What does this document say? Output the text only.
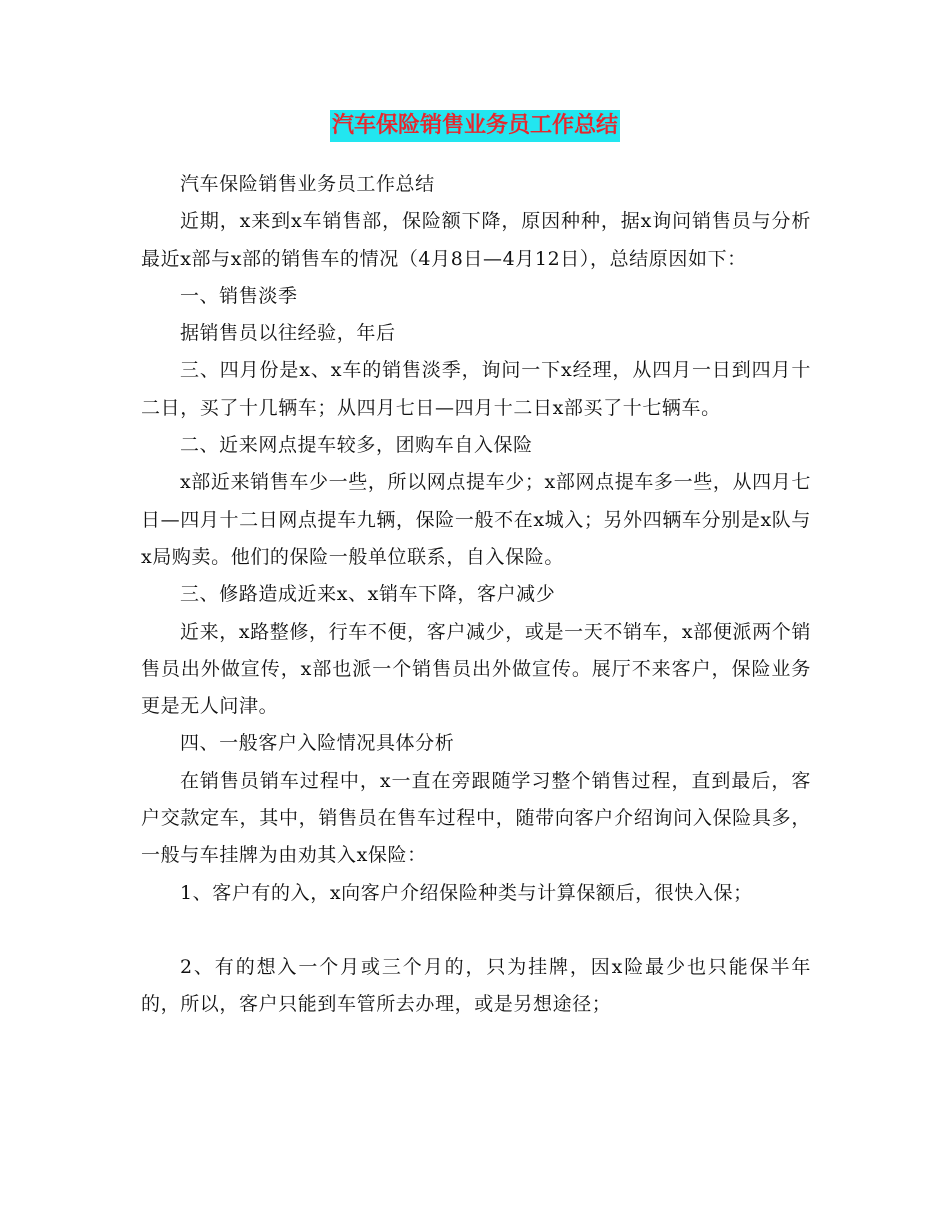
汽车保险销售业务员工作总结

汽车保险销售业务员工作总结

近期，x来到x车销售部，保险额下降，原因种种，据x询问销售员与分析最近x部与x部的销售车的情况（4月8日—4月12日），总结原因如下：

一、销售淡季

据销售员以往经验，年后

三、四月份是x、x车的销售淡季，询问一下x经理，从四月一日到四月十二日，买了十几辆车；从四月七日—四月十二日x部买了十七辆车。

二、近来网点提车较多，团购车自入保险

x部近来销售车少一些，所以网点提车少；x部网点提车多一些，从四月七日—四月十二日网点提车九辆，保险一般不在x城入；另外四辆车分别是x队与x局购卖。他们的保险一般单位联系，自入保险。

三、修路造成近来x、x销车下降，客户减少

近来，x路整修，行车不便，客户减少，或是一天不销车，x部便派两个销售员出外做宣传，x部也派一个销售员出外做宣传。展厅不来客户，保险业务更是无人问津。

四、一般客户入险情况具体分析

在销售员销车过程中，x一直在旁跟随学习整个销售过程，直到最后，客户交款定车，其中，销售员在售车过程中，随带向客户介绍询问入保险具多，一般与车挂牌为由劝其入x保险：

1、客户有的入，x向客户介绍保险种类与计算保额后，很快入保；

2、有的想入一个月或三个月的，只为挂牌，因x险最少也只能保半年的，所以，客户只能到车管所去办理，或是另想途径；
